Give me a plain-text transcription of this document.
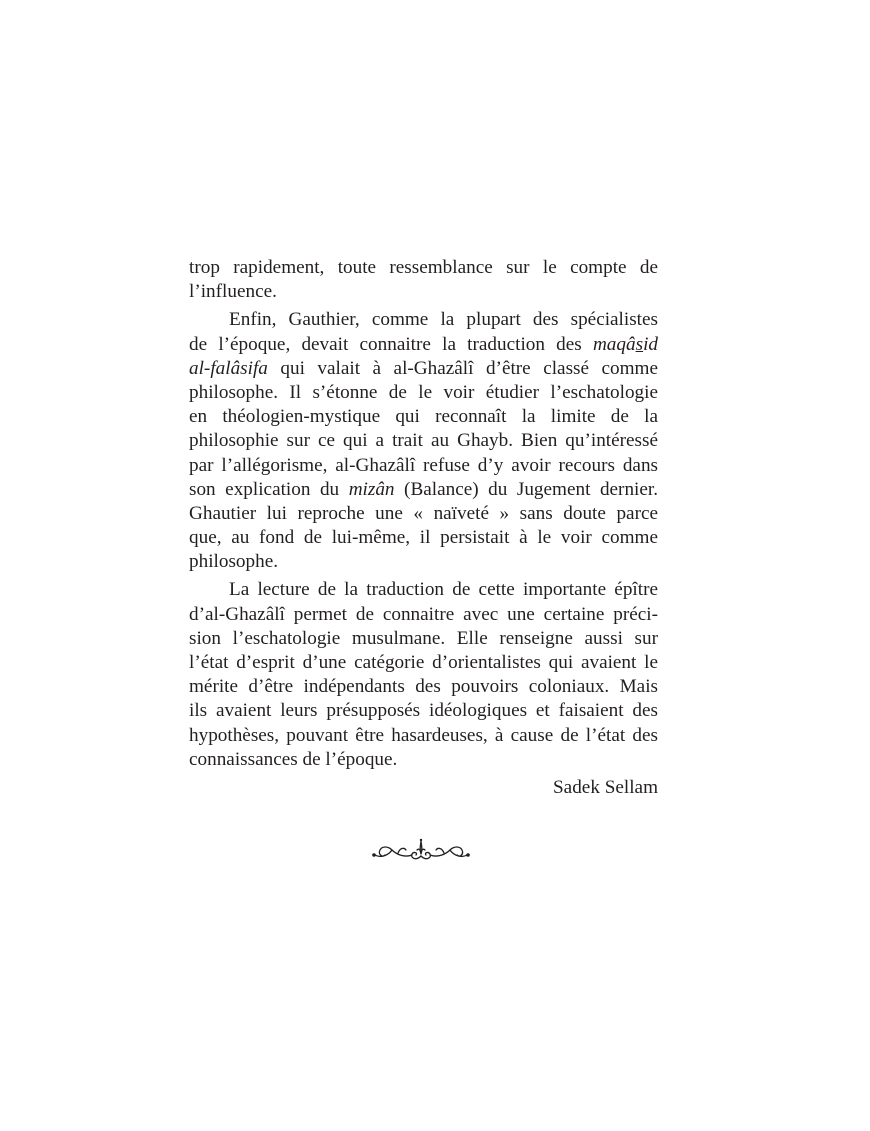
trop rapidement, toute ressemblance sur le compte de
l’influence.
Enfin, Gauthier, comme la plupart des spécialistes
de l’époque, devait connaitre la traduction des maqâsid
al-falâsifa qui valait à al-Ghazâlî d’être classé comme
philosophe. Il s’étonne de le voir étudier l’eschatologie
en théologien-mystique qui reconnaît la limite de la
philosophie sur ce qui a trait au Ghayb. Bien qu’intéressé
par l’allégorisme, al-Ghazâlî refuse d’y avoir recours dans
son explication du mizân (Balance) du Jugement dernier.
Ghautier lui reproche une « naïveté » sans doute parce
que, au fond de lui-même, il persistait à le voir comme
philosophe.
La lecture de la traduction de cette importante épître
d’al-Ghazâlî permet de connaitre avec une certaine préci-
sion l’eschatologie musulmane. Elle renseigne aussi sur
l’état d’esprit d’une catégorie d’orientalistes qui avaient le
mérite d’être indépendants des pouvoirs coloniaux. Mais
ils avaient leurs présupposés idéologiques et faisaient des
hypothèses, pouvant être hasardeuses, à cause de l’état des
connaissances de l’époque.
Sadek Sellam
